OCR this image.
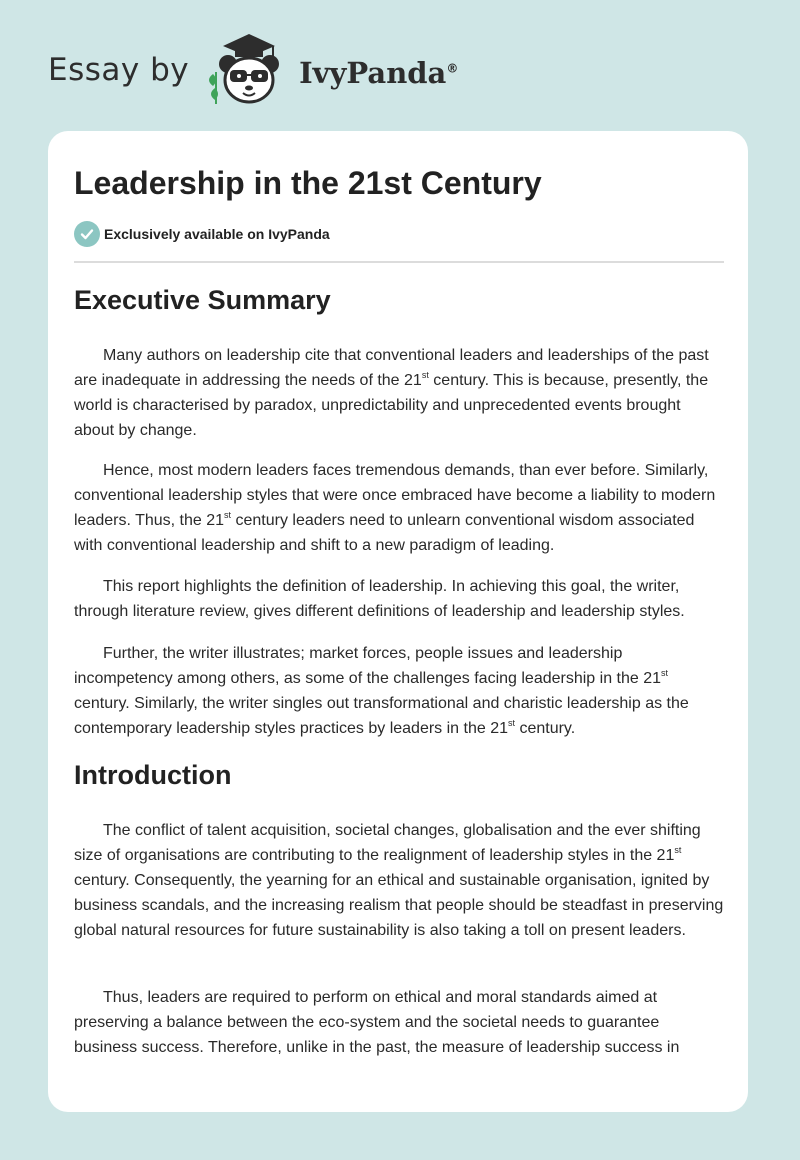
Essay by	IvyPanda®
Leadership in the 21st Century
Exclusively available on IvyPanda
Executive Summary

Many authors on leadership cite that conventional leaders and leaderships of the past are inadequate in addressing the needs of the 21st century. This is because, presently, the world is characterised by paradox, unpredictability and unprecedented events brought about by change.

Hence, most modern leaders faces tremendous demands, than ever before. Similarly, conventional leadership styles that were once embraced have become a liability to modern leaders. Thus, the 21st century leaders need to unlearn conventional wisdom associated with conventional leadership and shift to a new paradigm of leading.

This report highlights the definition of leadership. In achieving this goal, the writer, through literature review, gives different definitions of leadership and leadership styles.

Further, the writer illustrates; market forces, people issues and leadership incompetency among others, as some of the challenges facing leadership in the 21st century. Similarly, the writer singles out transformational and charistic leadership as the contemporary leadership styles practices by leaders in the 21st century.

Introduction

The conflict of talent acquisition, societal changes, globalisation and the ever shifting size of organisations are contributing to the realignment of leadership styles in the 21st century. Consequently, the yearning for an ethical and sustainable organisation, ignited by business scandals, and the increasing realism that people should be steadfast in preserving global natural resources for future sustainability is also taking a toll on present leaders.

Thus, leaders are required to perform on ethical and moral standards aimed at preserving a balance between the eco-system and the societal needs to guarantee business success. Therefore, unlike in the past, the measure of leadership success in
